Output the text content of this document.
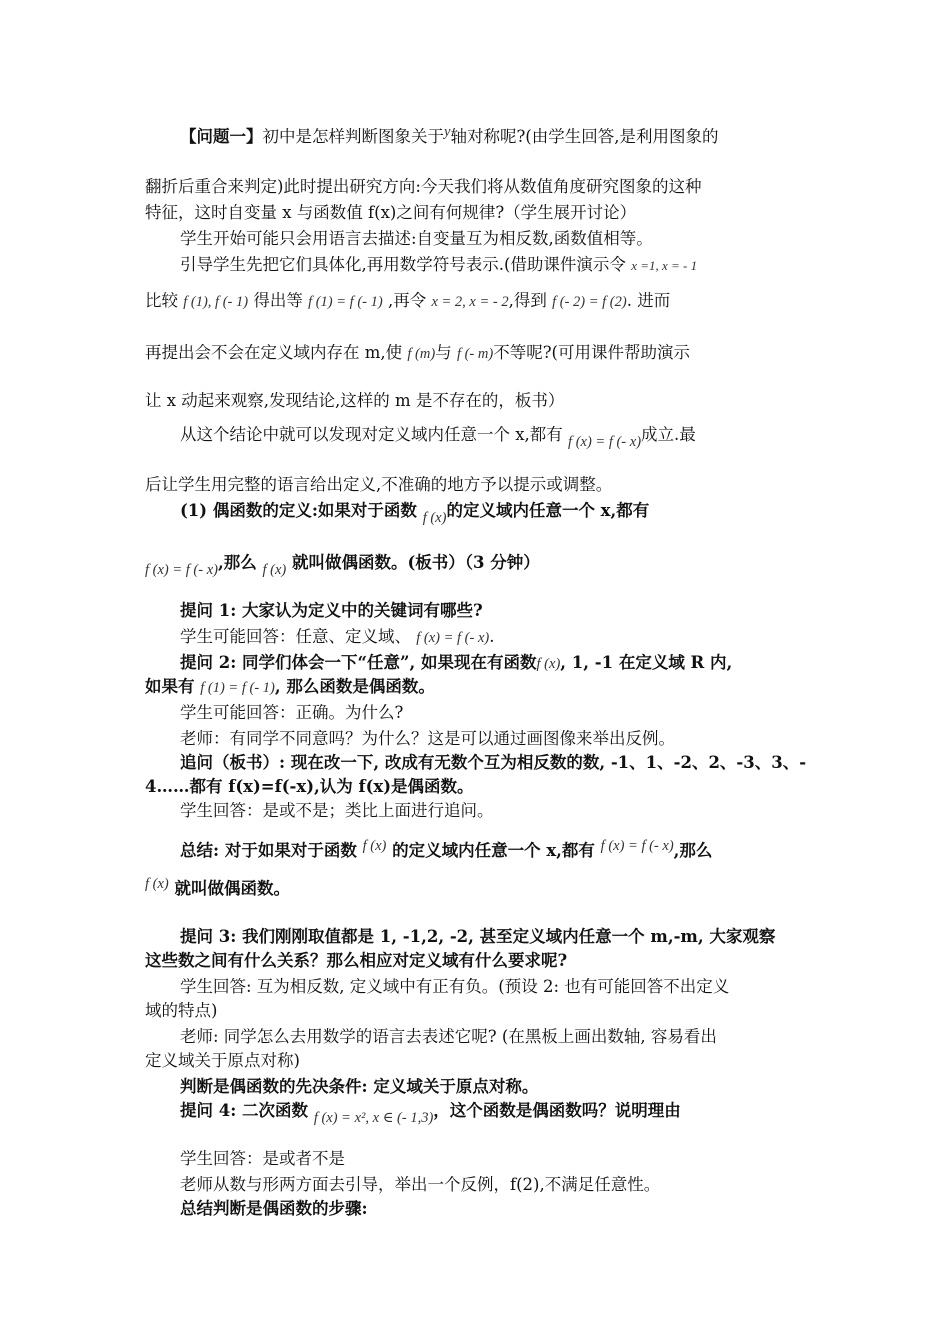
【问题一】初中是怎样判断图象关于y轴对称呢?(由学生回答,是利用图象的
翻折后重合来判定)此时提出研究方向:今天我们将从数值角度研究图象的这种
特征，这时自变量 x 与函数值 f(x)之间有何规律?（学生展开讨论）
学生开始可能只会用语言去描述:自变量互为相反数,函数值相等。
引导学生先把它们具体化,再用数学符号表示.(借助课件演示令 x =1, x = - 1
比较 f (1), f (- 1) 得出等 f (1) = f (- 1) ,再令 x = 2, x = - 2,得到 f (- 2) = f (2). 进而
再提出会不会在定义域内存在 m,使 f (m)与 f (- m)不等呢?(可用课件帮助演示
让 x 动起来观察,发现结论,这样的 m 是不存在的，板书）
从这个结论中就可以发现对定义域内任意一个 x,都有 f (x) = f (- x)成立.最
后让学生用完整的语言给出定义,不准确的地方予以提示或调整。
(1) 偶函数的定义:如果对于函数 f (x)的定义域内任意一个 x,都有
f (x) = f (- x),那么 f (x) 就叫做偶函数。(板书）（3 分钟）
提问 1: 大家认为定义中的关键词有哪些?
学生可能回答：任意、定义域、 f (x) = f (- x).
提问 2: 同学们体会一下“任意”, 如果现在有函数f (x), 1, -1 在定义域 R 内,
如果有 f (1) = f (- 1), 那么函数是偶函数。
学生可能回答：正确。为什么?
老师：有同学不同意吗？为什么？这是可以通过画图像来举出反例。
追问（板书）: 现在改一下, 改成有无数个互为相反数的数, -1、1、-2、2、-3、3、-
4……都有 f(x)=f(-x),认为 f(x)是偶函数。
学生回答：是或不是；类比上面进行追问。
总结: 对于如果对于函数 f (x) 的定义域内任意一个 x,都有 f (x) = f (- x),那么
f (x) 就叫做偶函数。
提问 3: 我们刚刚取值都是 1, -1,2, -2, 甚至定义域内任意一个 m,-m, 大家观察
这些数之间有什么关系？那么相应对定义域有什么要求呢?
学生回答: 互为相反数, 定义域中有正有负。(预设 2: 也有可能回答不出定义
域的特点)
老师: 同学怎么去用数学的语言去表述它呢? (在黑板上画出数轴, 容易看出
定义域关于原点对称)
判断是偶函数的先决条件: 定义域关于原点对称。
提问 4: 二次函数 f (x) = x², x ∈ (- 1,3)，这个函数是偶函数吗？说明理由
学生回答：是或者不是
老师从数与形两方面去引导，举出一个反例，f(2),不满足任意性。
总结判断是偶函数的步骤:
